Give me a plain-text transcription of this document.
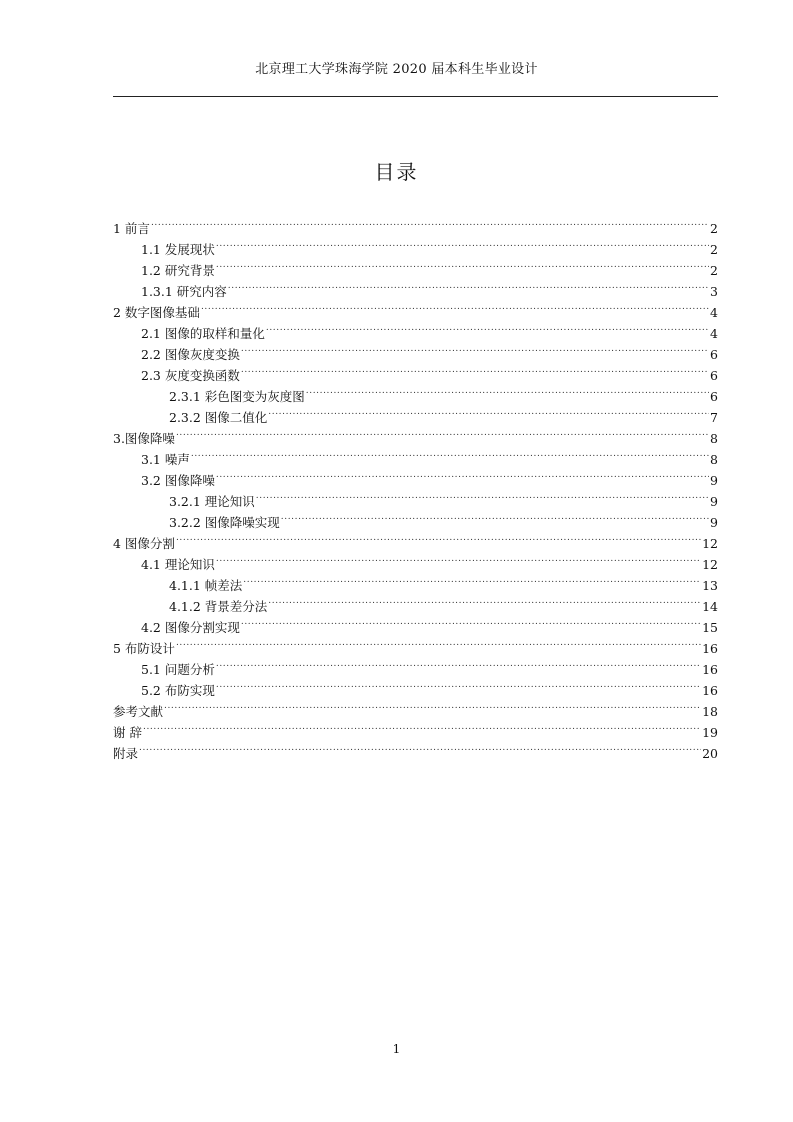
北京理工大学珠海学院 2020 届本科生毕业设计
目录
1 前言 .....	2
1.1 发展现状 .....	2
1.2 研究背景 .....	2
1.3.1 研究内容 .....	3
2 数字图像基础 .....	4
2.1 图像的取样和量化 .....	4
2.2 图像灰度变换 .....	6
2.3 灰度变换函数 .....	6
2.3.1 彩色图变为灰度图 .....	6
2.3.2 图像二值化 .....	7
3.图像降噪 .....	8
3.1 噪声 .....	8
3.2 图像降噪 .....	9
3.2.1 理论知识 .....	9
3.2.2 图像降噪实现 .....	9
4 图像分割 .....	12
4.1 理论知识 .....	12
4.1.1 帧差法 .....	13
4.1.2 背景差分法 .....	14
4.2 图像分割实现 .....	15
5 布防设计 .....	16
5.1 问题分析 .....	16
5.2 布防实现 .....	16
参考文献 .....	18
谢 辞 .....	19
附录 .....	20
1
